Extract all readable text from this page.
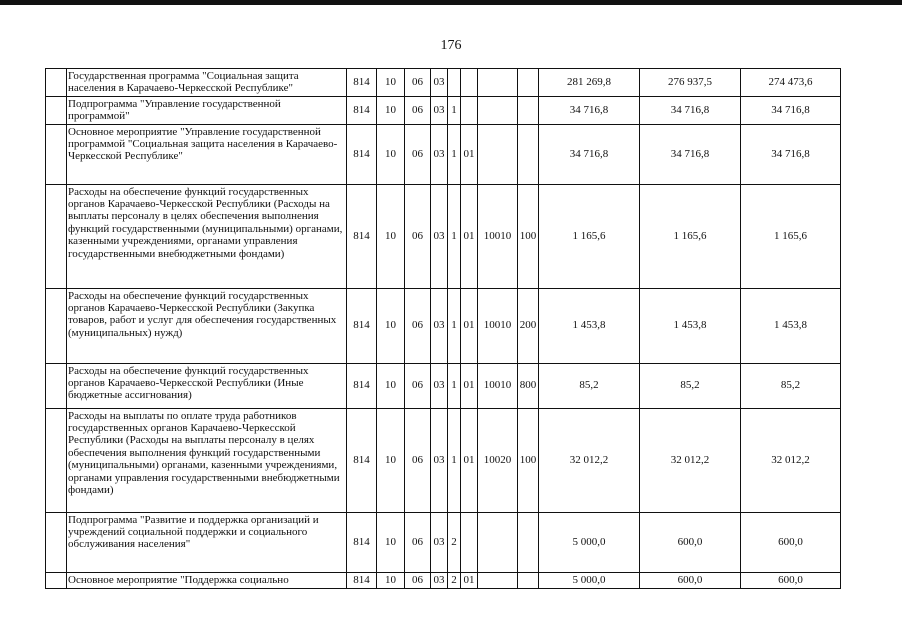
176
	Государственная программа "Социальная защита населения в Карачаево-Черкесской Республике"	814	10	06	03					281 269,8	276 937,5	274 473,6
	Подпрограмма "Управление государственной программой"	814	10	06	03	1				34 716,8	34 716,8	34 716,8
	Основное мероприятие "Управление государственной программой "Социальная защита населения в Карачаево-Черкесской Республике"	814	10	06	03	1	01			34 716,8	34 716,8	34 716,8
	Расходы на обеспечение функций государственных органов Карачаево-Черкесской Республики (Расходы на выплаты персоналу в целях обеспечения выполнения функций государственными (муниципальными) органами, казенными учреждениями, органами управления государственными внебюджетными фондами)	814	10	06	03	1	01	10010	100	1 165,6	1 165,6	1 165,6
	Расходы на обеспечение функций государственных органов Карачаево-Черкесской Республики (Закупка товаров, работ и услуг для обеспечения государственных (муниципальных) нужд)	814	10	06	03	1	01	10010	200	1 453,8	1 453,8	1 453,8
	Расходы на обеспечение функций государственных органов Карачаево-Черкесской Республики (Иные бюджетные ассигнования)	814	10	06	03	1	01	10010	800	85,2	85,2	85,2
	Расходы на выплаты по оплате труда работников государственных органов Карачаево-Черкесской Республики (Расходы на выплаты персоналу в целях обеспечения выполнения функций государственными (муниципальными) органами, казенными учреждениями, органами управления государственными внебюджетными фондами)	814	10	06	03	1	01	10020	100	32 012,2	32 012,2	32 012,2
	Подпрограмма "Развитие и поддержка организаций и учреждений социальной поддержки и социального обслуживания населения"	814	10	06	03	2				5 000,0	600,0	600,0
	Основное мероприятие "Поддержка социально	814	10	06	03	2	01			5 000,0	600,0	600,0
